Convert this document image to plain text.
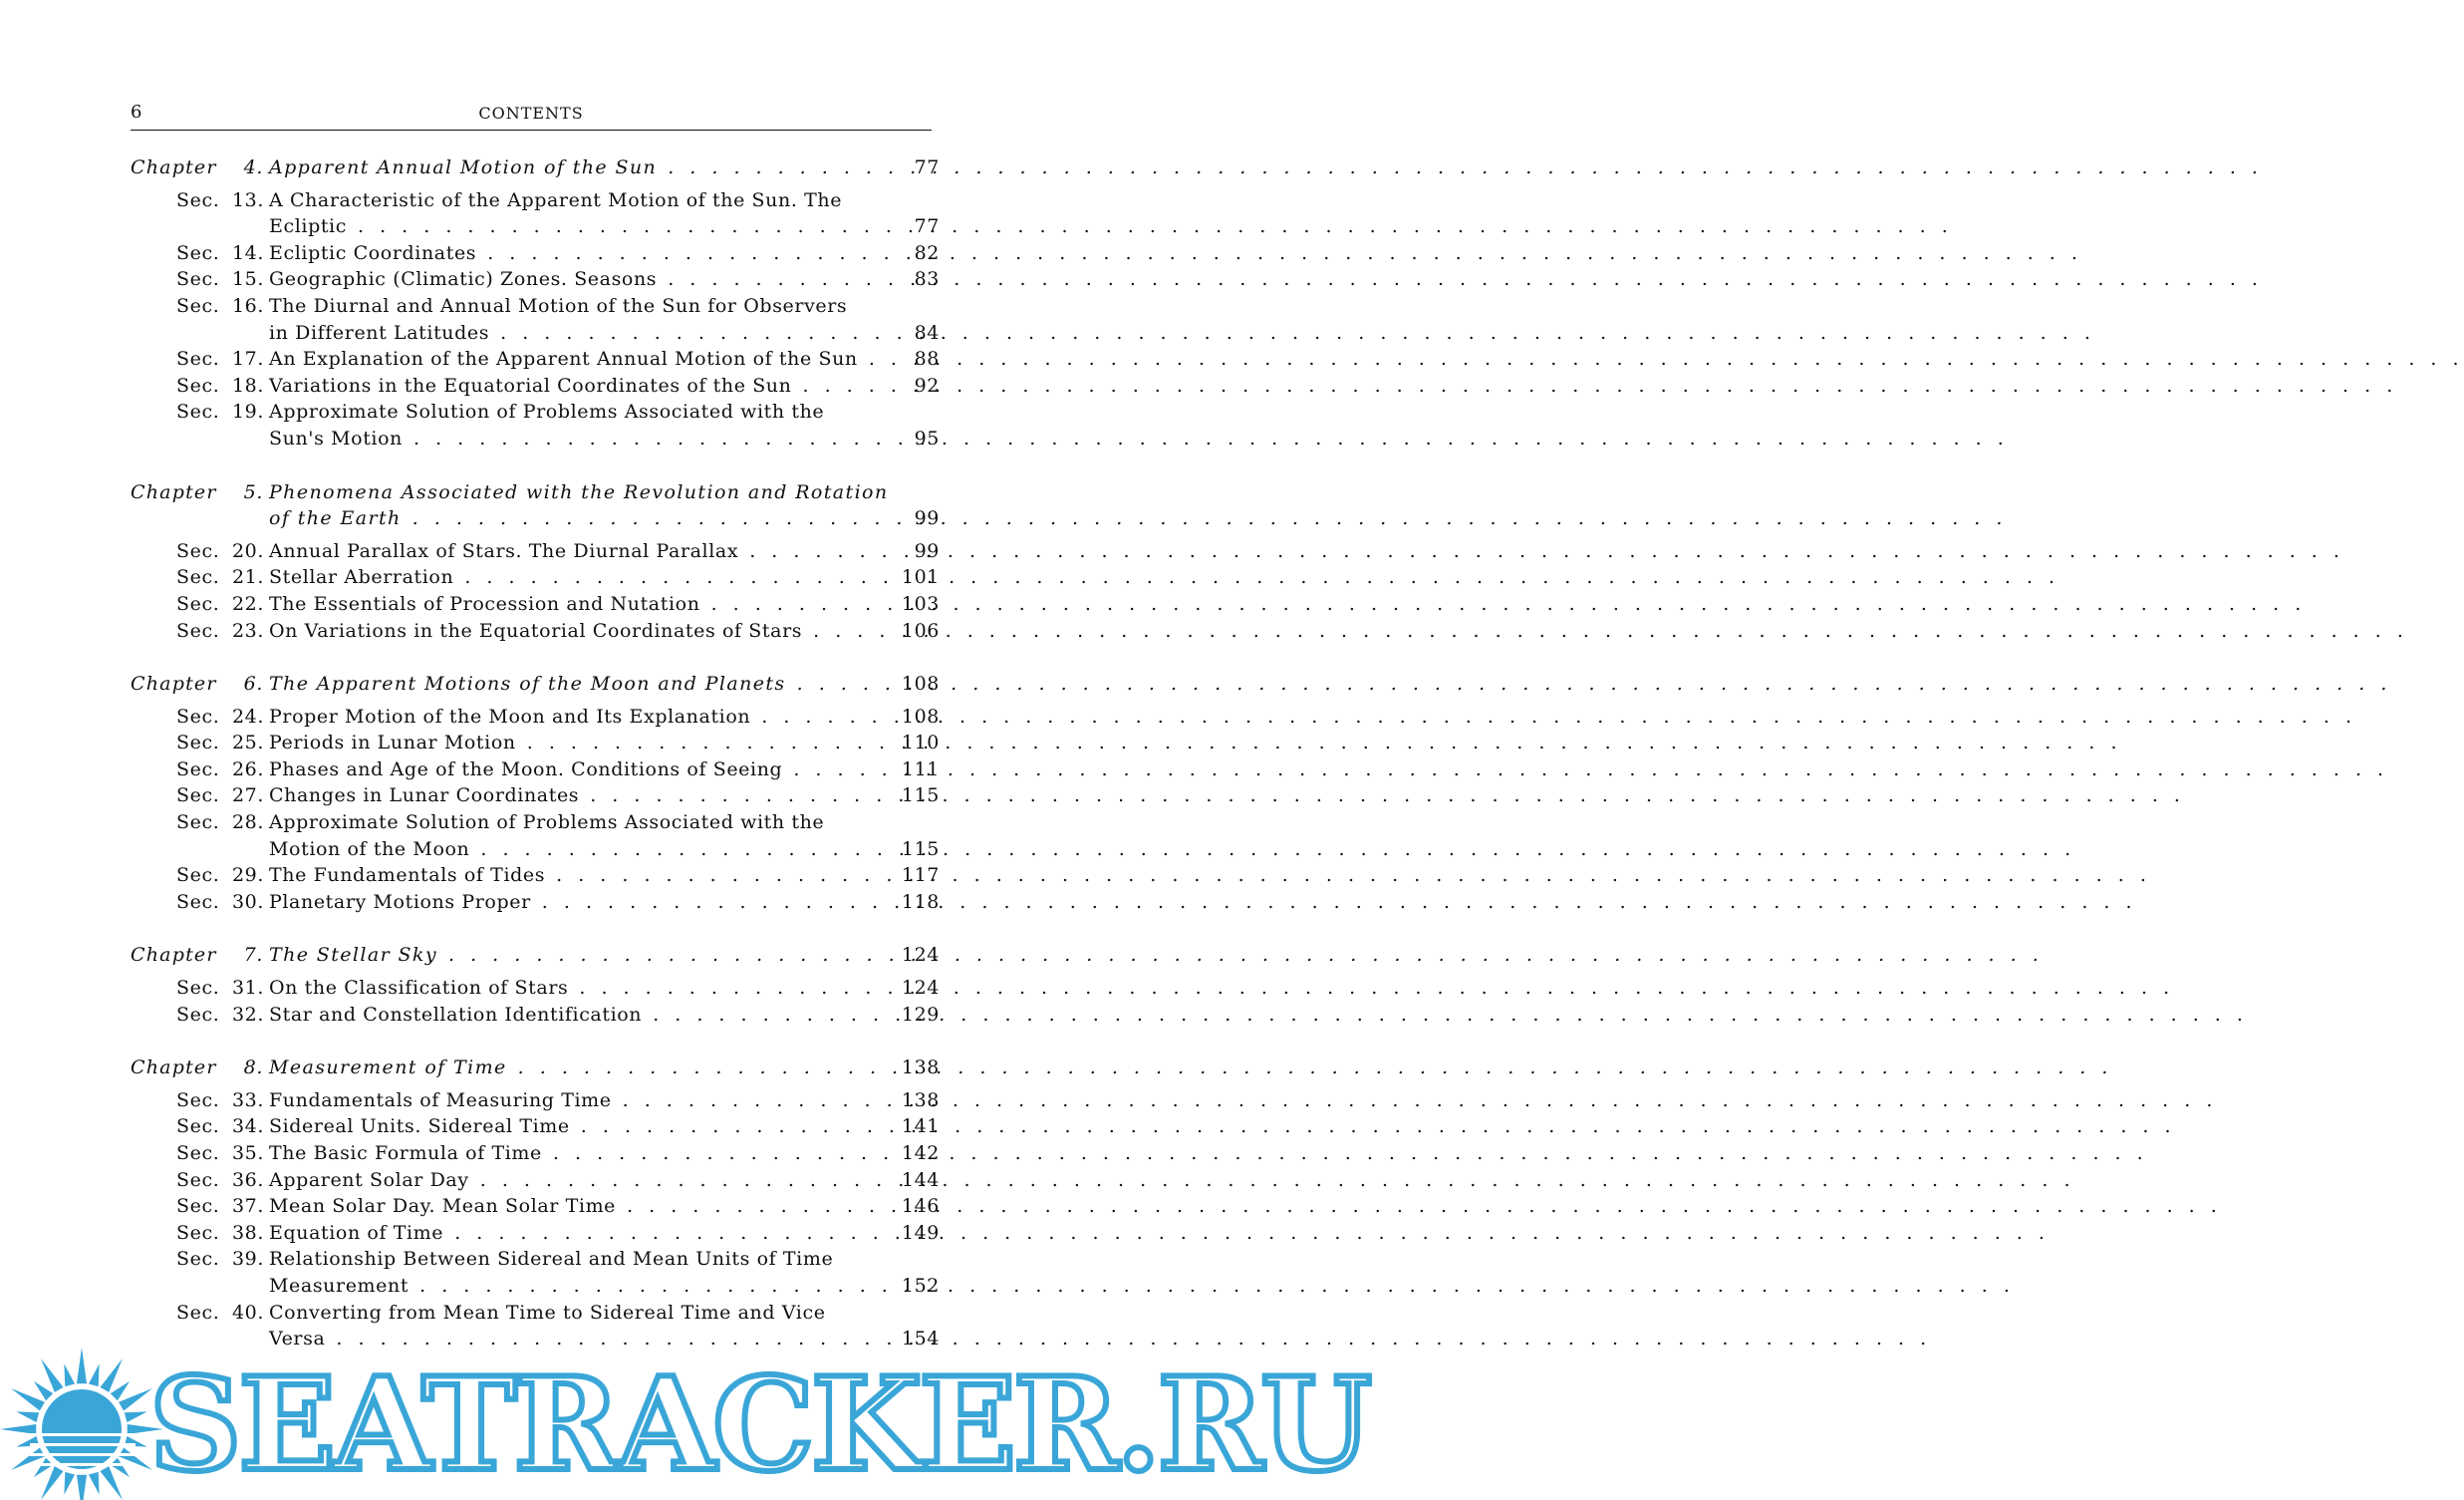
6	CONTENTS
Chapter	4. Apparent Annual Motion of the Sun . . .	77
Sec. 13. A Characteristic of the Apparent Motion of the Sun. The
Ecliptic . . .	77
Sec. 14. Ecliptic Coordinates . . .	82
Sec. 15. Geographic (Climatic) Zones. Seasons . . .	83
Sec. 16. The Diurnal and Annual Motion of the Sun for Observers
in Different Latitudes . . .	84
Sec. 17. An Explanation of the Apparent Annual Motion of the Sun . . .	88
Sec. 18. Variations in the Equatorial Coordinates of the Sun . . .	92
Sec. 19. Approximate Solution of Problems Associated with the
Sun's Motion . . .	95
Chapter	5. Phenomena Associated with the Revolution and Rotation
of the Earth . . .	99
Sec. 20. Annual Parallax of Stars. The Diurnal Parallax . . .	99
Sec. 21. Stellar Aberration . . .	101
Sec. 22. The Essentials of Procession and Nutation . . .	103
Sec. 23. On Variations in the Equatorial Coordinates of Stars . . .	106
Chapter	6. The Apparent Motions of the Moon and Planets . . .	108
Sec. 24. Proper Motion of the Moon and Its Explanation . . .	108
Sec. 25. Periods in Lunar Motion . . .	110
Sec. 26. Phases and Age of the Moon. Conditions of Seeing . . .	111
Sec. 27. Changes in Lunar Coordinates . . .	115
Sec. 28. Approximate Solution of Problems Associated with the
Motion of the Moon . . .	115
Sec. 29. The Fundamentals of Tides . . .	117
Sec. 30. Planetary Motions Proper . . .	118
Chapter	7. The Stellar Sky . . .	124
Sec. 31. On the Classification of Stars . . .	124
Sec. 32. Star and Constellation Identification . . .	129
Chapter	8. Measurement of Time . . .	138
Sec. 33. Fundamentals of Measuring Time . . .	138
Sec. 34. Sidereal Units. Sidereal Time . . .	141
Sec. 35. The Basic Formula of Time . . .	142
Sec. 36. Apparent Solar Day . . .	144
Sec. 37. Mean Solar Day. Mean Solar Time . . .	146
Sec. 38. Equation of Time . . .	149
Sec. 39. Relationship Between Sidereal and Mean Units of Time
Measurement . . .	152
Sec. 40. Converting from Mean Time to Sidereal Time and Vice
Versa . . .	154
SEATRACKER.RU
